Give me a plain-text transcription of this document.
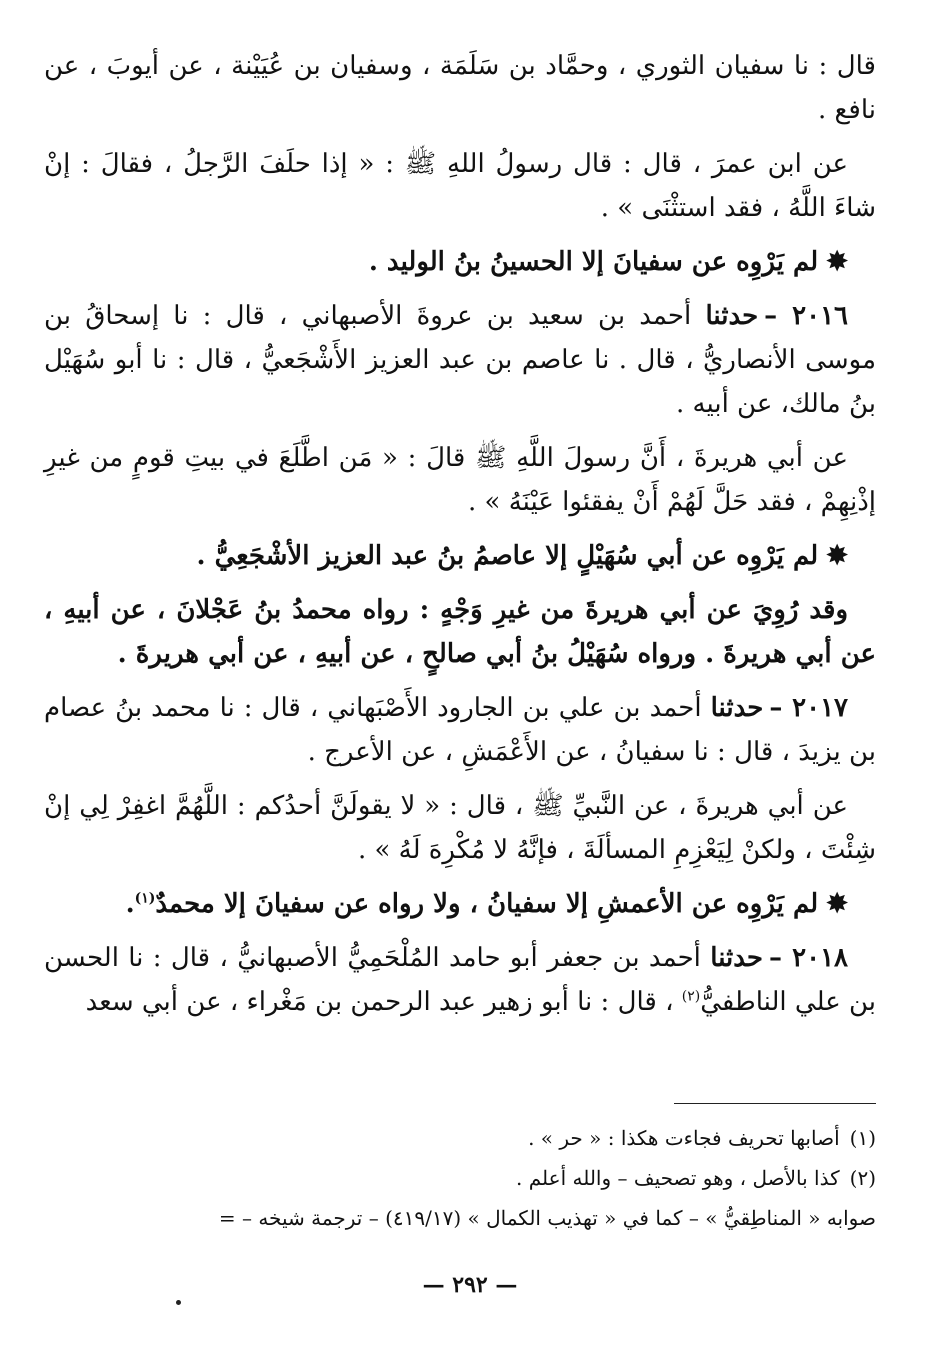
قال : نا سفيان الثوري ، وحمَّاد بن سَلَمَة ، وسفيان بن عُيَيْنة ، عن أيوبَ ، عن نافع .

عن ابن عمرَ ، قال : قال رسولُ اللهِ ﷺ : « إذا حلَفَ الرَّجلُ ، فقالَ : إنْ شاءَ اللَّهُ ، فقد استثْنَى » .

✸لم يَرْوِه عن سفيانَ إلا الحسينُ بنُ الوليد .

٢٠١٦ –حدثنا أحمد بن سعيد بن عروةَ الأصبهاني ، قال : نا إسحاقُ بن موسى الأنصاريُّ ، قال . نا عاصم بن عبد العزيز الأَشْجَعيُّ ، قال : نا أبو سُهَيْل بنُ مالك، عن أبيه .

عن أبي هريرةَ ، أَنَّ رسولَ اللَّهِ ﷺ قالَ : « مَن اطَّلَعَ في بيتِ قومٍ من غيرِ إذْنِهِمْ ، فقد حَلَّ لَهُمْ أَنْ يفقئوا عَيْنَهُ » .

✸لم يَرْوِه عن أبي سُهَيْلٍ إلا عاصمُ بنُ عبد العزيز الأشْجَعِيُّ .

وقد رُوِيَ عن أبي هريرةَ من غيرِ وَجْهٍ : رواه محمدُ بنُ عَجْلانَ ، عن أبيهِ ، عن أبي هريرةَ . ورواه سُهَيْلُ بنُ أبي صالحٍ ، عن أبيهِ ، عن أبي هريرةَ .

٢٠١٧ –حدثنا أحمد بن علي بن الجارود الأَصْبَهاني ، قال : نا محمد بنُ عصام بن يزيدَ ، قال : نا سفيانُ ، عن الأَعْمَشِ ، عن الأعرج .

عن أبي هريرةَ ، عن النَّبيِّ ﷺ ، قال : « لا يقولَنَّ أحدُكم : اللَّهُمَّ اغفِرْ لِي إنْ شِئْتَ ، ولكنْ لِيَعْزِمِ المسألَةَ ، فإنَّهُ لا مُكْرِهَ لَهُ » .

✸لم يَرْوِه عن الأعمشِ إلا سفيانُ ، ولا رواه عن سفيانَ إلا محمدٌ$^{(١)}$.

٢٠١٨ –حدثنا أحمد بن جعفر أبو حامد المُلْحَمِيُّ الأصبهانيُّ ، قال : نا الحسن بن علي الناطفيُّ$^{(٢)}$ ، قال : نا أبو زهير عبد الرحمن بن مَغْراء ، عن أبي سعد

(١)أصابها تحريف فجاءت هكذا : « حر » .

(٢)كذا بالأصل ، وهو تصحيف – والله أعلم .

صوابه « المناطِقيُّ » – كما في « تهذيب الكمال » (٤١٩/١٧) – ترجمة شيخه – =

— ٢٩٢ —
